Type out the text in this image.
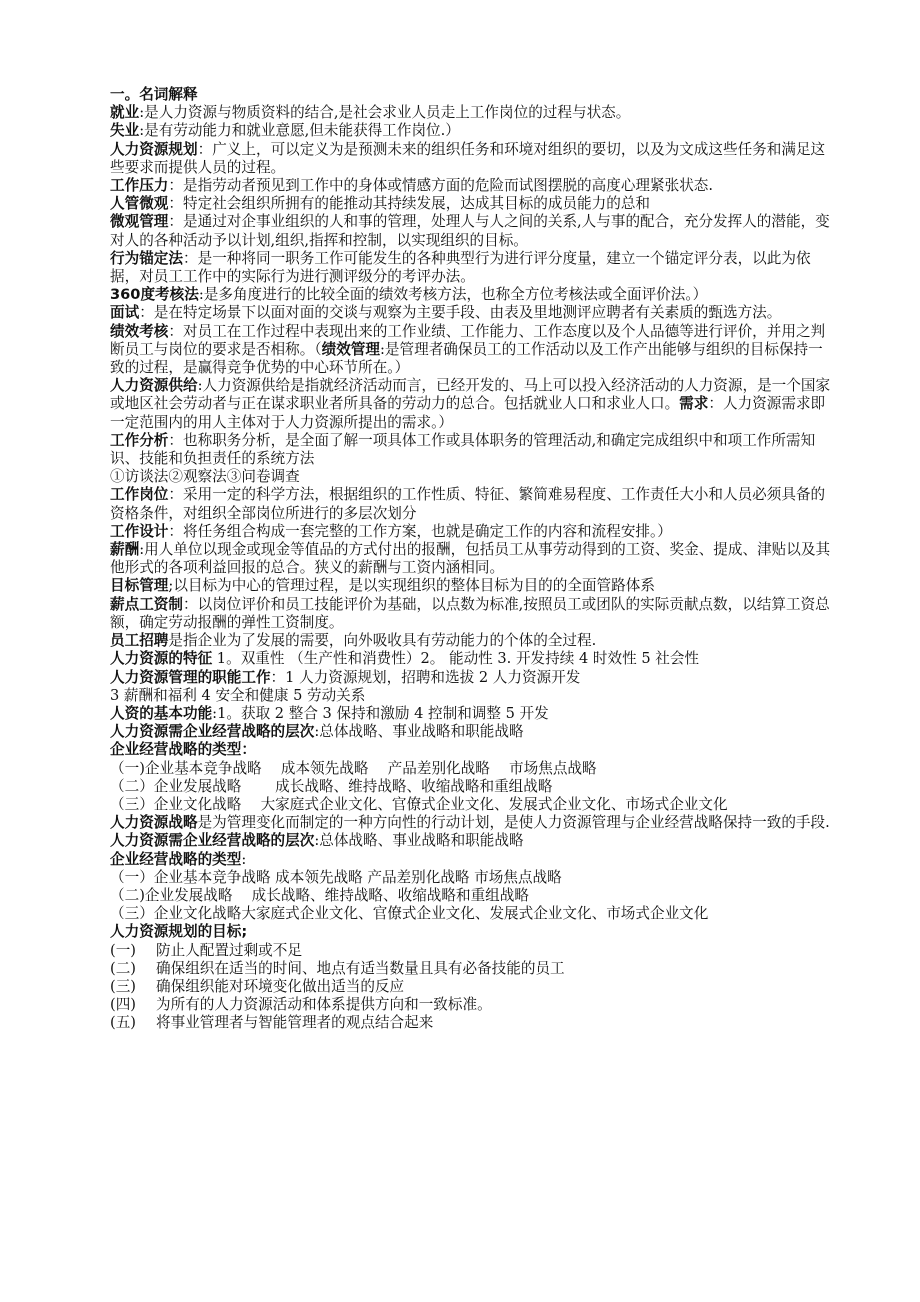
一。名词解释

就业:是人力资源与物质资料的结合,是社会求业人员走上工作岗位的过程与状态。

失业:是有劳动能力和就业意愿,但未能获得工作岗位.）

人力资源规划：广义上，可以定义为是预测未来的组织任务和环境对组织的要切，以及为文成这些任务和满足这些要求而提供人员的过程。

工作压力：是指劳动者预见到工作中的身体或情感方面的危险而试图摆脱的高度心理紧张状态.

人管微观：特定社会组织所拥有的能推动其持续发展，达成其目标的成员能力的总和

微观管理：是通过对企事业组织的人和事的管理，处理人与人之间的关系,人与事的配合，充分发挥人的潜能，变对人的各种活动予以计划,组织,指挥和控制，以实现组织的目标。

行为锚定法：是一种将同一职务工作可能发生的各种典型行为进行评分度量，建立一个锚定评分表，以此为依据，对员工工作中的实际行为进行测评级分的考评办法。

360度考核法:是多角度进行的比较全面的绩效考核方法，也称全方位考核法或全面评价法。）

面试：是在特定场景下以面对面的交谈与观察为主要手段、由表及里地测评应聘者有关素质的甄选方法。

绩效考核：对员工在工作过程中表现出来的工作业绩、工作能力、工作态度以及个人品德等进行评价，并用之判断员工与岗位的要求是否相称。（绩效管理:是管理者确保员工的工作活动以及工作产出能够与组织的目标保持一致的过程，是赢得竞争优势的中心环节所在。）

人力资源供给:人力资源供给是指就经济活动而言，已经开发的、马上可以投入经济活动的人力资源，是一个国家或地区社会劳动者与正在谋求职业者所具备的劳动力的总合。包括就业人口和求业人口。需求：人力资源需求即一定范围内的用人主体对于人力资源所提出的需求。）

工作分析：也称职务分析，是全面了解一项具体工作或具体职务的管理活动,和确定完成组织中和项工作所需知识、技能和负担责任的系统方法

①访谈法②观察法③问卷调查

工作岗位：采用一定的科学方法，根据组织的工作性质、特征、繁简难易程度、工作责任大小和人员必须具备的资格条件，对组织全部岗位所进行的多层次划分

工作设计：将任务组合构成一套完整的工作方案，也就是确定工作的内容和流程安排。）

薪酬:用人单位以现金或现金等值品的方式付出的报酬，包括员工从事劳动得到的工资、奖金、提成、津贴以及其他形式的各项利益回报的总合。狭义的薪酬与工资内涵相同。

目标管理;以目标为中心的管理过程，是以实现组织的整体目标为目的的全面管路体系

薪点工资制：以岗位评价和员工技能评价为基础，以点数为标准,按照员工或团队的实际贡献点数，以结算工资总额，确定劳动报酬的弹性工资制度。

员工招聘是指企业为了发展的需要，向外吸收具有劳动能力的个体的全过程.

人力资源的特征 1。双重性 （生产性和消费性）2。 能动性 3. 开发持续 4 时效性 5 社会性

人力资源管理的职能工作：1 人力资源规划，招聘和选拔 2 人力资源开发

3 薪酬和福利 4 安全和健康 5 劳动关系

人资的基本功能:1。获取 2 整合 3 保持和激励 4 控制和调整 5 开发

人力资源需企业经营战略的层次:总体战略、事业战略和职能战略

企业经营战略的类型：

（一)企业基本竞争战略　 成本领先战略　 产品差别化战略　 市场焦点战略

（二）企业发展战略　　 成长战略、维持战略、收缩战略和重组战略

（三）企业文化战略　 大家庭式企业文化、官僚式企业文化、发展式企业文化、市场式企业文化

人力资源战略是为管理变化而制定的一种方向性的行动计划，是使人力资源管理与企业经营战略保持一致的手段.

人力资源需企业经营战略的层次:总体战略、事业战略和职能战略

企业经营战略的类型:

（一）企业基本竞争战略 成本领先战略 产品差别化战略 市场焦点战略

（二)企业发展战略　 成长战略、维持战略、收缩战略和重组战略

（三）企业文化战略大家庭式企业文化、官僚式企业文化、发展式企业文化、市场式企业文化

人力资源规划的目标;

(一)	防止人配置过剩或不足
(二)	确保组织在适当的时间、地点有适当数量且具有必备技能的员工
(三)	确保组织能对环境变化做出适当的反应
(四)	为所有的人力资源活动和体系提供方向和一致标准。
(五)	将事业管理者与智能管理者的观点结合起来
